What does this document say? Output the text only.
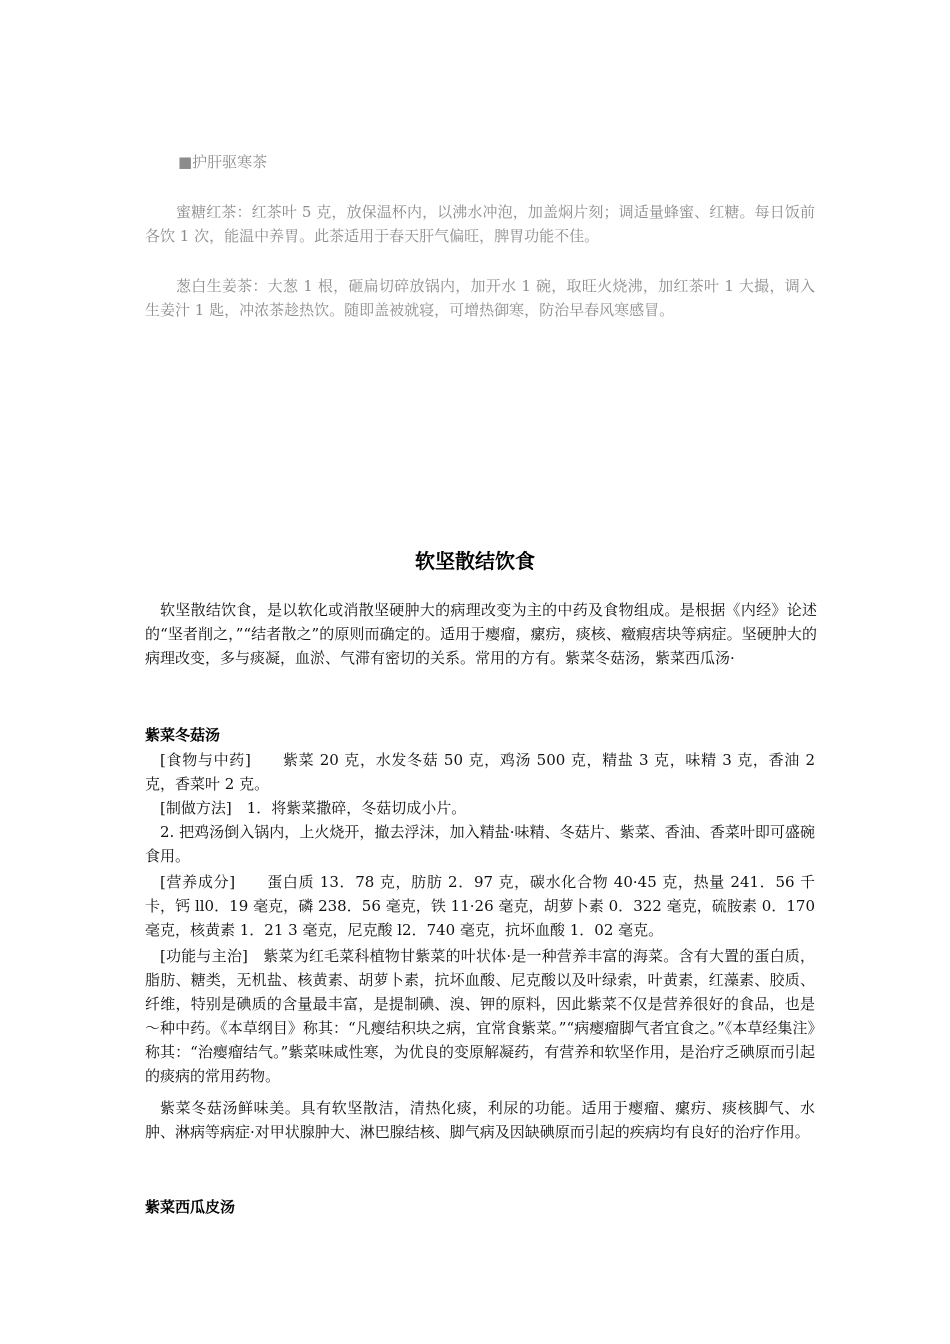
■护肝驱寒茶

蜜糖红茶：红茶叶 5 克，放保温杯内，以沸水冲泡，加盖焖片刻；调适量蜂蜜、红糖。每日饭前各饮 1 次，能温中养胃。此茶适用于春天肝气偏旺，脾胃功能不佳。

葱白生姜茶：大葱 1 根，砸扁切碎放锅内，加开水 1 碗，取旺火烧沸，加红茶叶 1 大撮，调入生姜汁 1 匙，冲浓茶趁热饮。随即盖被就寝，可增热御寒，防治早春风寒感冒。

软坚散结饮食

软坚散结饮食，是以软化或消散坚硬肿大的病理改变为主的中药及食物组成。是根据《内经》论述的“坚者削之，”“结者散之”的原则而确定的。适用于瘿瘤，瘰疠，痰核、癥瘕痞块等病症。坚硬肿大的病理改变，多与痰凝，血淤、气滞有密切的关系。常用的方有。紫菜冬菇汤，紫菜西瓜汤·

紫菜冬菇汤

[食物与中药]　　紫菜 20 克，水发冬菇 50 克，鸡汤 500 克，精盐 3 克，味精 3 克，香油 2 克，香菜叶 2 克。

[制做方法]　1．将紫菜撒碎，冬菇切成小片。

2. 把鸡汤倒入锅内，上火烧开，撤去浮沫，加入精盐·味精、冬菇片、紫菜、香油、香菜叶即可盛碗食用。

[营养成分]　　蛋白质 13．78 克，肪肪 2．97 克，碳水化合物 40·45 克，热量 241．56 千卡，钙 ll0．19 毫克，磷 238．56 毫克，铁 11·26 毫克，胡萝卜素 0．322 毫克，硫胺素 0．170 毫克，核黄素 1．21 3 毫克，尼克酸 l2．740 毫克，抗坏血酸 1．02 毫克。

[功能与主治]　紫菜为红毛菜科植物甘紫菜的叶状体·是一种营养丰富的海菜。含有大置的蛋白质，脂肪、糖类，无机盐、核黄素、胡萝卜素，抗坏血酸、尼克酸以及叶绿索，叶黄素，红藻素、胶质、纤维，特别是碘质的含量最丰富，是提制碘、溴、钾的原料，因此紫菜不仅是营养很好的食品，也是～种中药。《本草纲目》称其：“凡瘿结积块之病，宜常食紫菜。”“病瘿瘤脚气者宜食之。”《本草经集注》称其：“治瘿瘤结气。”紫菜味咸性寒，为优良的变原解凝药，有营养和软坚作用，是治疗乏碘原而引起的痰病的常用药物。

紫菜冬菇汤鲜味美。具有软坚散洁，清热化痰，利尿的功能。适用于瘿瘤、瘰疠、痰核脚气、水肿、淋病等病症·对甲状腺肿大、淋巴腺结核、脚气病及因缺碘原而引起的疾病均有良好的治疗作用。

紫菜西瓜皮汤
